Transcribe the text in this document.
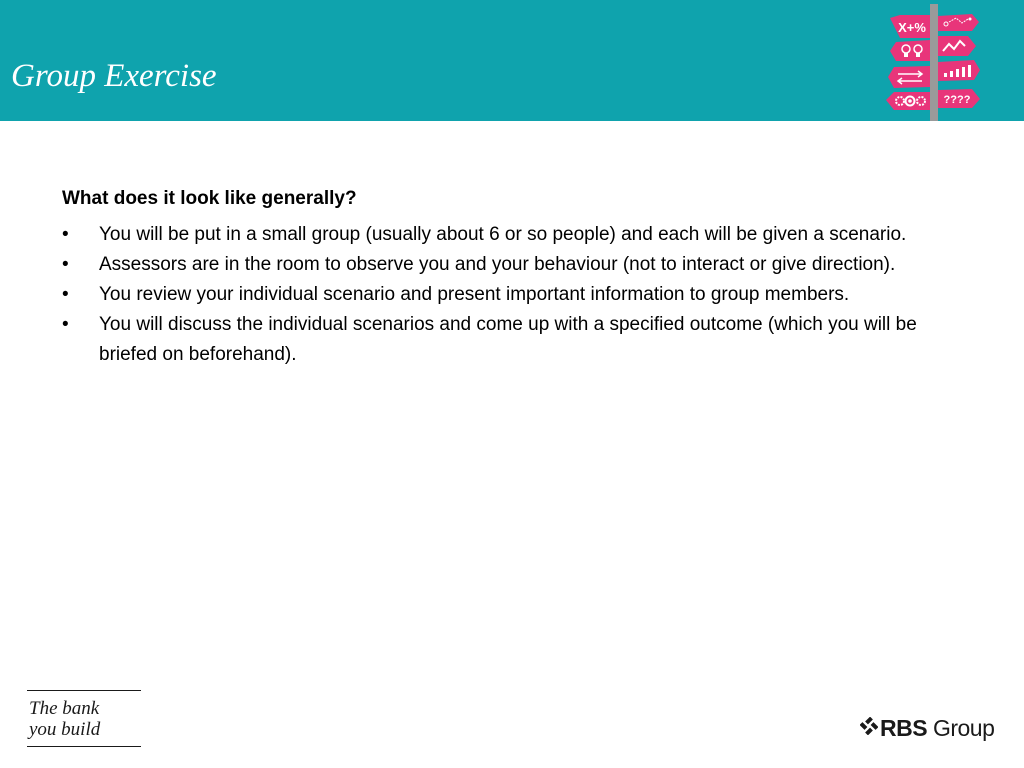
Group Exercise
X+%
????

What does it look like generally?

•	You will be put in a small group (usually about 6 or so people) and each will be given a scenario.
•	Assessors are in the room to observe you and your behaviour (not to interact or give direction).
•	You review your individual scenario and present important information to group members.
•	You will discuss the individual scenarios and come up with a specified outcome (which you will be briefed on beforehand).
The bank
you build	RBS Group
